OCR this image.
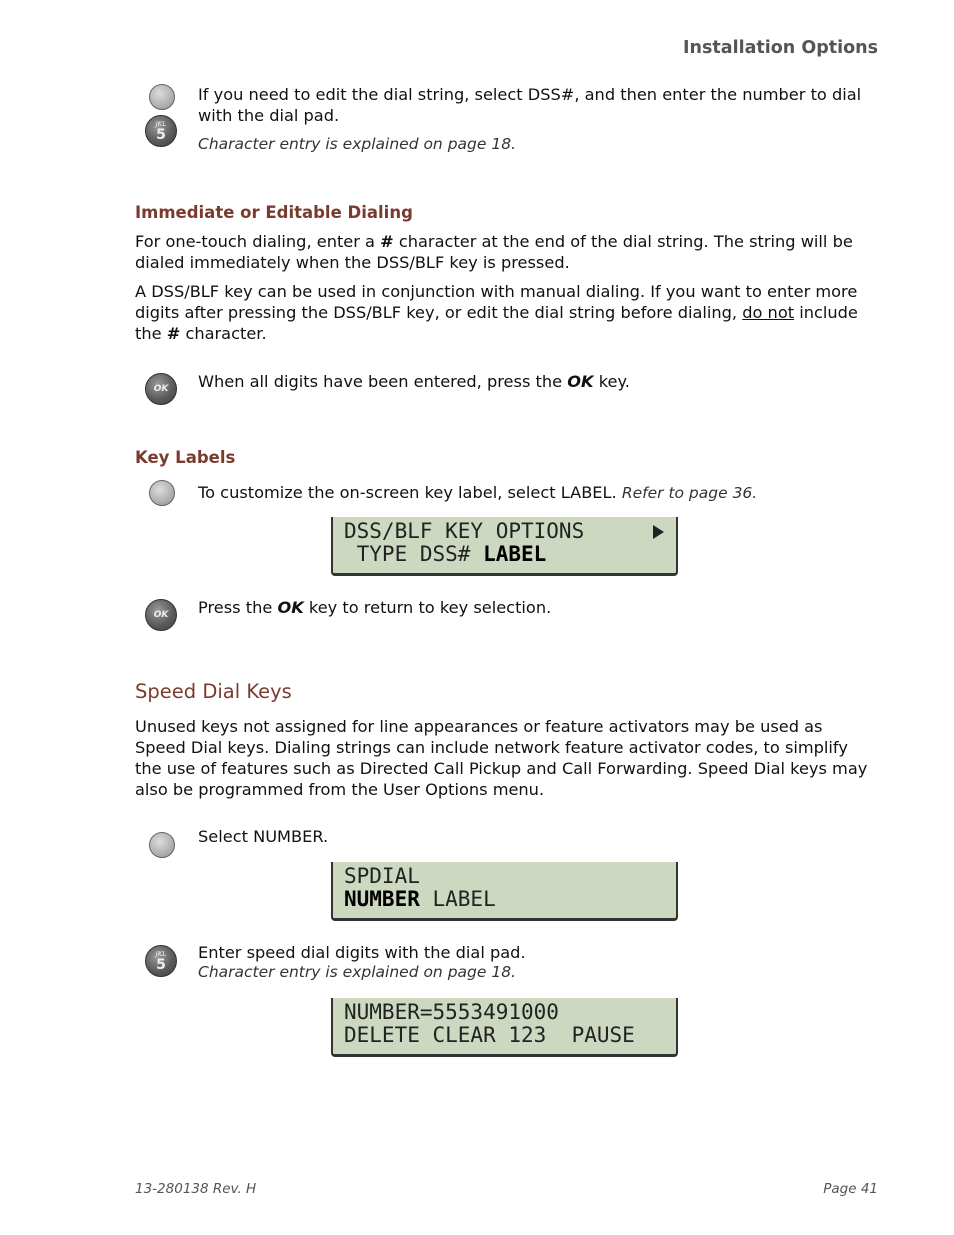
Installation Options
JKL
5

If you need to edit the dial string, select DSS#, and then enter the number to dial with the dial pad.

Character entry is explained on page 18.

Immediate or Editable Dialing

For one-touch dialing, enter a # character at the end of the dial string. The string will be dialed immediately when the DSS/BLF key is pressed.

A DSS/BLF key can be used in conjunction with manual dialing. If you want to enter more digits after pressing the DSS/BLF key, or edit the dial string before dialing, do not include the # character.

OK	When all digits have been entered, press the OK key.

Key Labels

To customize the on-screen key label, select LABEL. Refer to page 36.

DSS/BLF KEY OPTIONS
TYPE DSS# LABEL
OK	Press the OK key to return to key selection.

Speed Dial Keys

Unused keys not assigned for line appearances or feature activators may be used as Speed Dial keys. Dialing strings can include network feature activator codes, to simplify the use of features such as Directed Call Pickup and Call Forwarding. Speed Dial keys may also be programmed from the User Options menu.

Select NUMBER.

SPDIAL
NUMBER LABEL
JKL
5

Enter speed dial digits with the dial pad.

Character entry is explained on page 18.

NUMBER=5553491000
DELETE CLEAR 123  PAUSE
13-280138 Rev. H	Page 41
